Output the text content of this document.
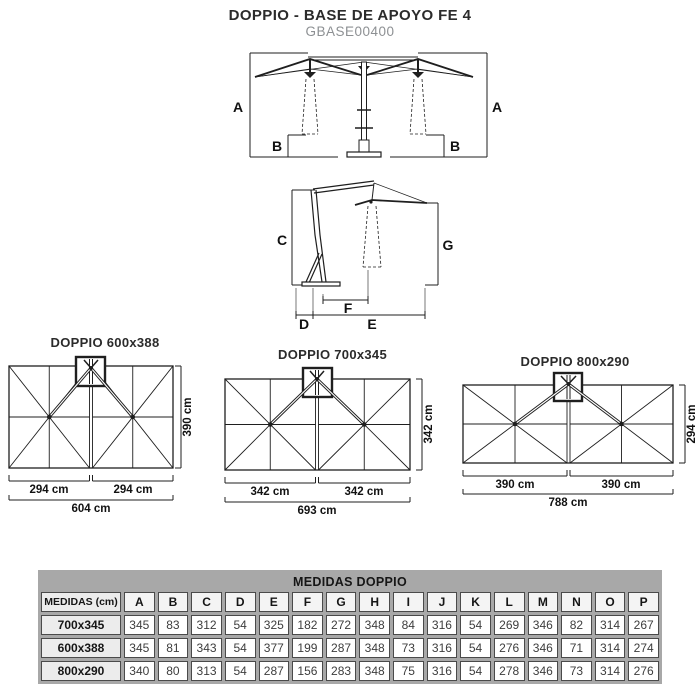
DOPPIO - BASE DE APOYO FE 4
GBASE00400
A	A
B	B
C	G
F
D	E
DOPPIO 600x388
294 cm	294 cm
604 cm
390 cm
DOPPIO 700x345
342 cm	342 cm
693 cm
342 cm
DOPPIO 800x290
390 cm	390 cm
788 cm
294 cm
MEDIDAS DOPPIO
MEDIDAS (cm)	A	B	C	D	E	F	G	H	I	J	K	L	M	N	O	P
700x345	345	83	312	54	325	182	272	348	84	316	54	269	346	82	314	267
600x388	345	81	343	54	377	199	287	348	73	316	54	276	346	71	314	274
800x290	340	80	313	54	287	156	283	348	75	316	54	278	346	73	314	276
